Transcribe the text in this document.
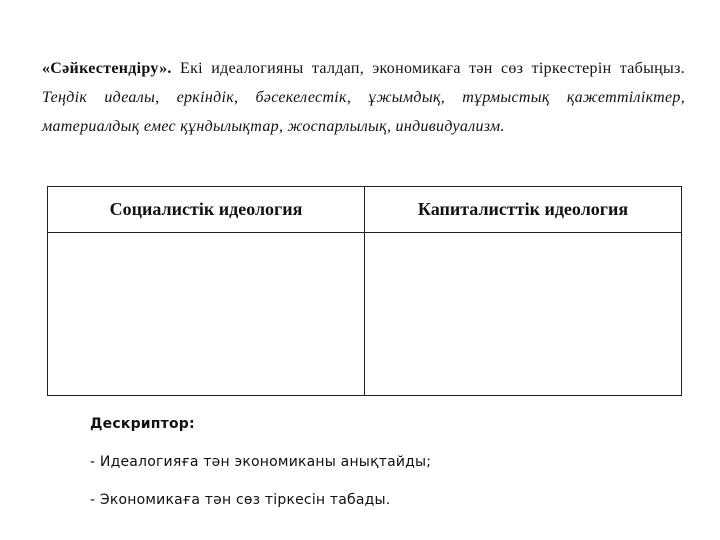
«Сәйкестендіру». Екі идеалогияны талдап, экономикаға тән сөз тіркестерін табыңыз. Теңдік идеалы, еркіндік, бәсекелестік, ұжымдық, тұрмыстық қажеттіліктер, материалдық емес құндылықтар, жоспарлылық, индивидуализм.
Социалистік идеология	Капиталисттік идеология

Дескриптор:
- Идеалогияға тән экономиканы анықтайды;
- Экономикаға тән сөз тіркесін табады.
